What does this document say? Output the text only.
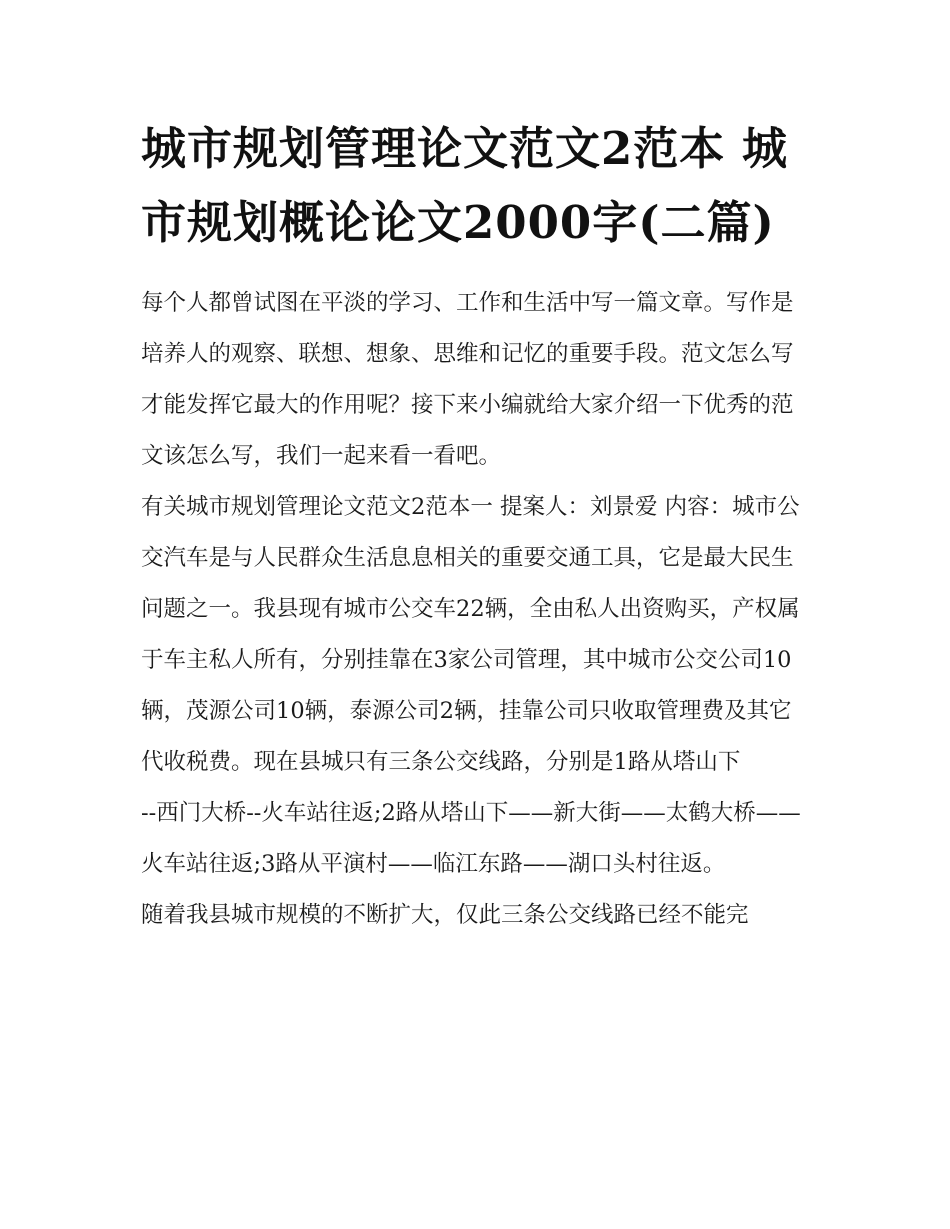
城市规划管理论文范文2范本 城市规划概论论文2000字(二篇)

每个人都曾试图在平淡的学习、工作和生活中写一篇文章。写作是培养人的观察、联想、想象、思维和记忆的重要手段。范文怎么写才能发挥它最大的作用呢？接下来小编就给大家介绍一下优秀的范文该怎么写，我们一起来看一看吧。

有关城市规划管理论文范文2范本一 提案人：刘景爱 内容：城市公交汽车是与人民群众生活息息相关的重要交通工具，它是最大民生问题之一。我县现有城市公交车22辆，全由私人出资购买，产权属于车主私人所有，分别挂靠在3家公司管理，其中城市公交公司10辆，茂源公司10辆，泰源公司2辆，挂靠公司只收取管理费及其它代收税费。现在县城只有三条公交线路，分别是1路从塔山下

--西门大桥--火车站往返;2路从塔山下——新大街——太鹤大桥——火车站往返;3路从平演村——临江东路——湖口头村往返。

随着我县城市规模的不断扩大，仅此三条公交线路已经不能完
